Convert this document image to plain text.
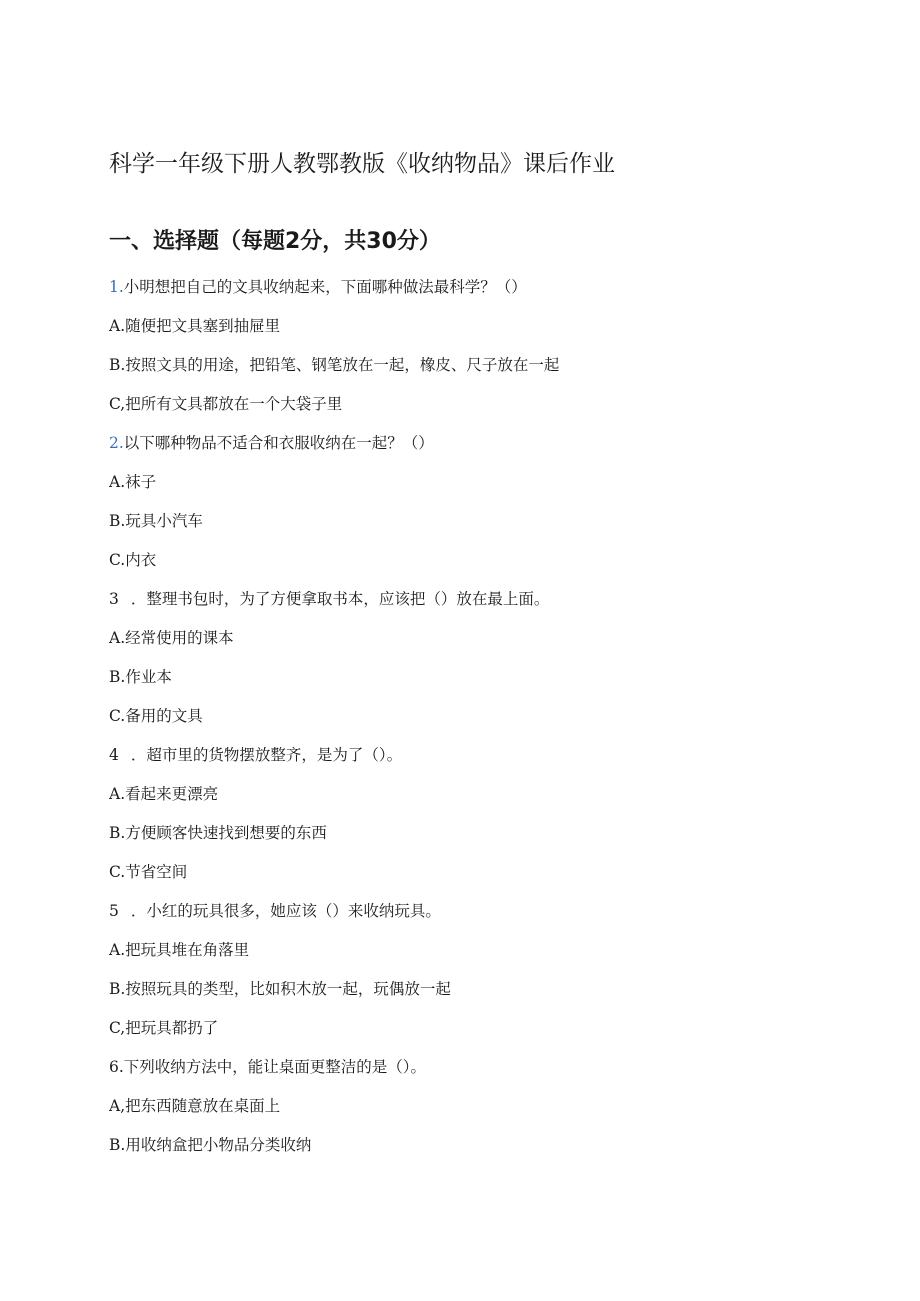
科学一年级下册人教鄂教版《收纳物品》课后作业
一、选择题（每题2分，共30分）
1.小明想把自己的文具收纳起来，下面哪种做法最科学？（）
A.随便把文具塞到抽屉里
B.按照文具的用途，把铅笔、钢笔放在一起，橡皮、尺子放在一起
C,把所有文具都放在一个大袋子里
2.以下哪种物品不适合和衣服收纳在一起？（）
A.袜子
B.玩具小汽车
C.内衣
3 ．整理书包时，为了方便拿取书本，应该把（）放在最上面。
A.经常使用的课本
B.作业本
C.备用的文具
4 ．超市里的货物摆放整齐，是为了（）。
A.看起来更漂亮
B.方便顾客快速找到想要的东西
C.节省空间
5 ．小红的玩具很多，她应该（）来收纳玩具。
A.把玩具堆在角落里
B.按照玩具的类型，比如积木放一起，玩偶放一起
C,把玩具都扔了
6.下列收纳方法中，能让桌面更整洁的是（）。
A,把东西随意放在桌面上
B.用收纳盒把小物品分类收纳
